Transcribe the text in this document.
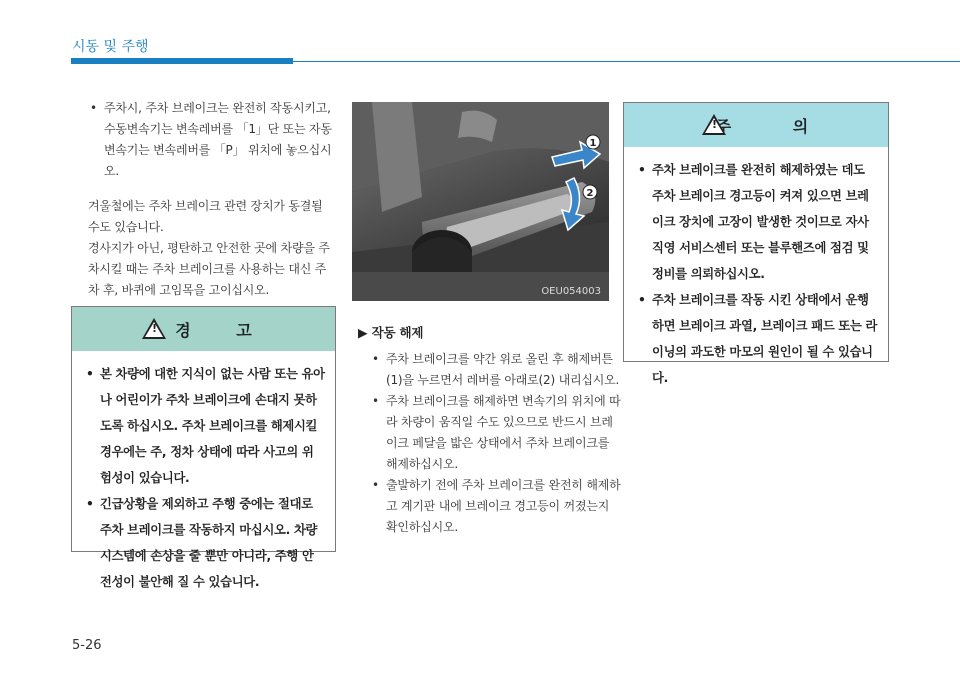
시동 및 주행
• 주차시, 주차 브레이크는 완전히 작동시키고, 수동변속기는 변속레버를 「1」단 또는 자동변속기는 변속레버를 「P」 위치에 놓으십시오.

겨울철에는 주차 브레이크 관련 장치가 동결될 수도 있습니다.

경사지가 아닌, 평탄하고 안전한 곳에 차량을 주차시킬 때는 주차 브레이크를 사용하는 대신 주차 후, 바퀴에 고임목을 고이십시오.

! 경 고
• 본 차량에 대한 지식이 없는 사람 또는 유아나 어린이가 주차 브레이크에 손대지 못하도록 하십시오. 주차 브레이크를 해제시킬 경우에는 주, 정차 상태에 따라 사고의 위험성이 있습니다.
• 긴급상황을 제외하고 주행 중에는 절대로 주차 브레이크를 작동하지 마십시오. 차량 시스템에 손상을 줄 뿐만 아니라, 주행 안전성이 불안해 질 수 있습니다.
1
2
OEU054003
▶ 작동 해제
• 주차 브레이크를 약간 위로 올린 후 해제버튼(1)을 누르면서 레버를 아래로(2) 내리십시오.
• 주차 브레이크를 해제하면 변속기의 위치에 따라 차량이 움직일 수도 있으므로 반드시 브레이크 페달을 밟은 상태에서 주차 브레이크를 해제하십시오.
• 출발하기 전에 주차 브레이크를 완전히 해제하고 계기판 내에 브레이크 경고등이 꺼졌는지 확인하십시오.
!
주 의
• 주차 브레이크를 완전히 해제하였는 데도 주차 브레이크 경고등이 켜져 있으면 브레이크 장치에 고장이 발생한 것이므로 자사 직영 서비스센터 또는 블루핸즈에 점검 및 정비를 의뢰하십시오.
• 주차 브레이크를 작동 시킨 상태에서 운행하면 브레이크 과열, 브레이크 패드 또는 라이닝의 과도한 마모의 원인이 될 수 있습니다.
5-26
